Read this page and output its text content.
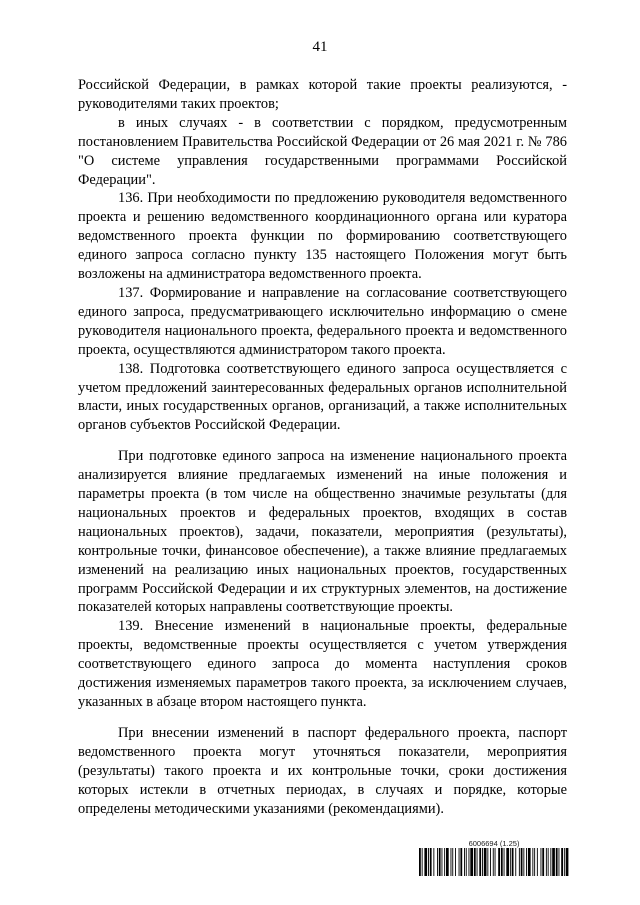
41

Российской Федерации, в рамках которой такие проекты реализуются, - руководителями таких проектов;

в иных случаях - в соответствии с порядком, предусмотренным постановлением Правительства Российской Федерации от 26 мая 2021 г. № 786 "О системе управления государственными программами Российской Федерации".

136. При необходимости по предложению руководителя ведомственного проекта и решению ведомственного координационного органа или куратора ведомственного проекта функции по формированию соответствующего единого запроса согласно пункту 135 настоящего Положения могут быть возложены на администратора ведомственного проекта.

137. Формирование и направление на согласование соответствующего единого запроса, предусматривающего исключительно информацию о смене руководителя национального проекта, федерального проекта и ведомственного проекта, осуществляются администратором такого проекта.

138. Подготовка соответствующего единого запроса осуществляется с учетом предложений заинтересованных федеральных органов исполнительной власти, иных государственных органов, организаций, а также исполнительных органов субъектов Российской Федерации.

При подготовке единого запроса на изменение национального проекта анализируется влияние предлагаемых изменений на иные положения и параметры проекта (в том числе на общественно значимые результаты (для национальных проектов и федеральных проектов, входящих в состав национальных проектов), задачи, показатели, мероприятия (результаты), контрольные точки, финансовое обеспечение), а также влияние предлагаемых изменений на реализацию иных национальных проектов, государственных программ Российской Федерации и их структурных элементов, на достижение показателей которых направлены соответствующие проекты.

139. Внесение изменений в национальные проекты, федеральные проекты, ведомственные проекты осуществляется с учетом утверждения соответствующего единого запроса до момента наступления сроков достижения изменяемых параметров такого проекта, за исключением случаев, указанных в абзаце втором настоящего пункта.

При внесении изменений в паспорт федерального проекта, паспорт ведомственного проекта могут уточняться показатели, мероприятия (результаты) такого проекта и их контрольные точки, сроки достижения которых истекли в отчетных периодах, в случаях и порядке, которые определены методическими указаниями (рекомендациями).

6006694 (1.25)
